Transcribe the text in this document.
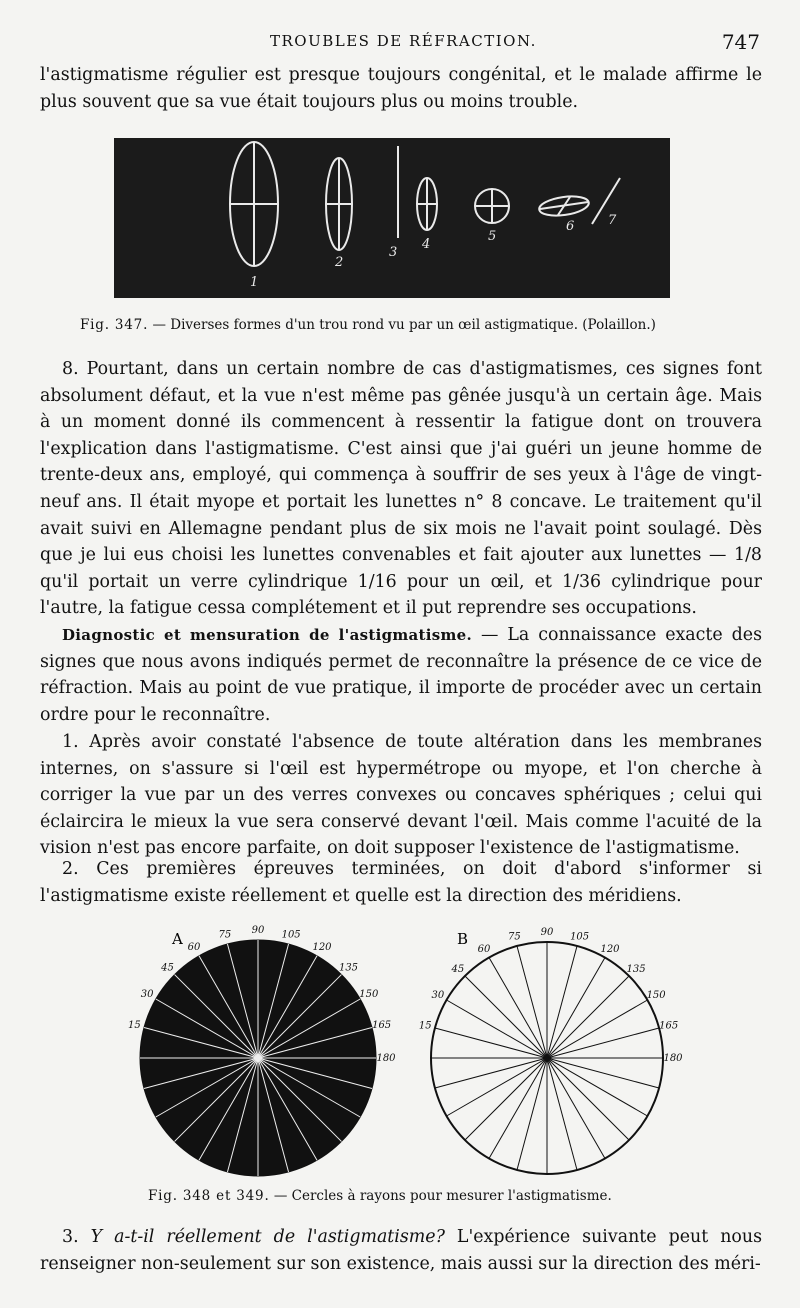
TROUBLES DE RÉFRACTION.	747

l'astigmatisme régulier est presque toujours congénital, et le malade affirme le plus souvent que sa vue était toujours plus ou moins trouble.

1
2
3
4
5
6	7
Fig. 347. — Diverses formes d'un trou rond vu par un œil astigmatique. (Polaillon.)

8. Pourtant, dans un certain nombre de cas d'astigmatismes, ces signes font absolument défaut, et la vue n'est même pas gênée jusqu'à un certain âge. Mais à un moment donné ils commencent à ressentir la fatigue dont on trouvera l'explication dans l'astigmatisme. C'est ainsi que j'ai guéri un jeune homme de trente-deux ans, employé, qui commença à souffrir de ses yeux à l'âge de vingt-neuf ans. Il était myope et portait les lunettes n° 8 concave. Le traitement qu'il avait suivi en Allemagne pendant plus de six mois ne l'avait point soulagé. Dès que je lui eus choisi les lunettes convenables et fait ajouter aux lunettes — 1/8 qu'il portait un verre cylindrique 1/16 pour un œil, et 1/36 cylindrique pour l'autre, la fatigue cessa complétement et il put reprendre ses occupations.

Diagnostic et mensuration de l'astigmatisme. — La connaissance exacte des signes que nous avons indiqués permet de reconnaître la présence de ce vice de réfraction. Mais au point de vue pratique, il importe de procéder avec un certain ordre pour le reconnaître.

1. Après avoir constaté l'absence de toute altération dans les membranes internes, on s'assure si l'œil est hypermétrope ou myope, et l'on cherche à corriger la vue par un des verres convexes ou concaves sphériques ; celui qui éclaircira le mieux la vue sera conservé devant l'œil. Mais comme l'acuité de la vision n'est pas encore parfaite, on doit supposer l'existence de l'astigmatisme.

2. Ces premières épreuves terminées, on doit d'abord s'informer si l'astigmatisme existe réellement et quelle est la direction des méridiens.

A	B
15
30
45
60
75 90 105
120
135
150
165
180
15
30
45
60
75 90 105
120
135
150
165
180
Fig. 348 et 349. — Cercles à rayons pour mesurer l'astigmatisme.

3. Y a-t-il réellement de l'astigmatisme? L'expérience suivante peut nous renseigner non-seulement sur son existence, mais aussi sur la direction des méri-
